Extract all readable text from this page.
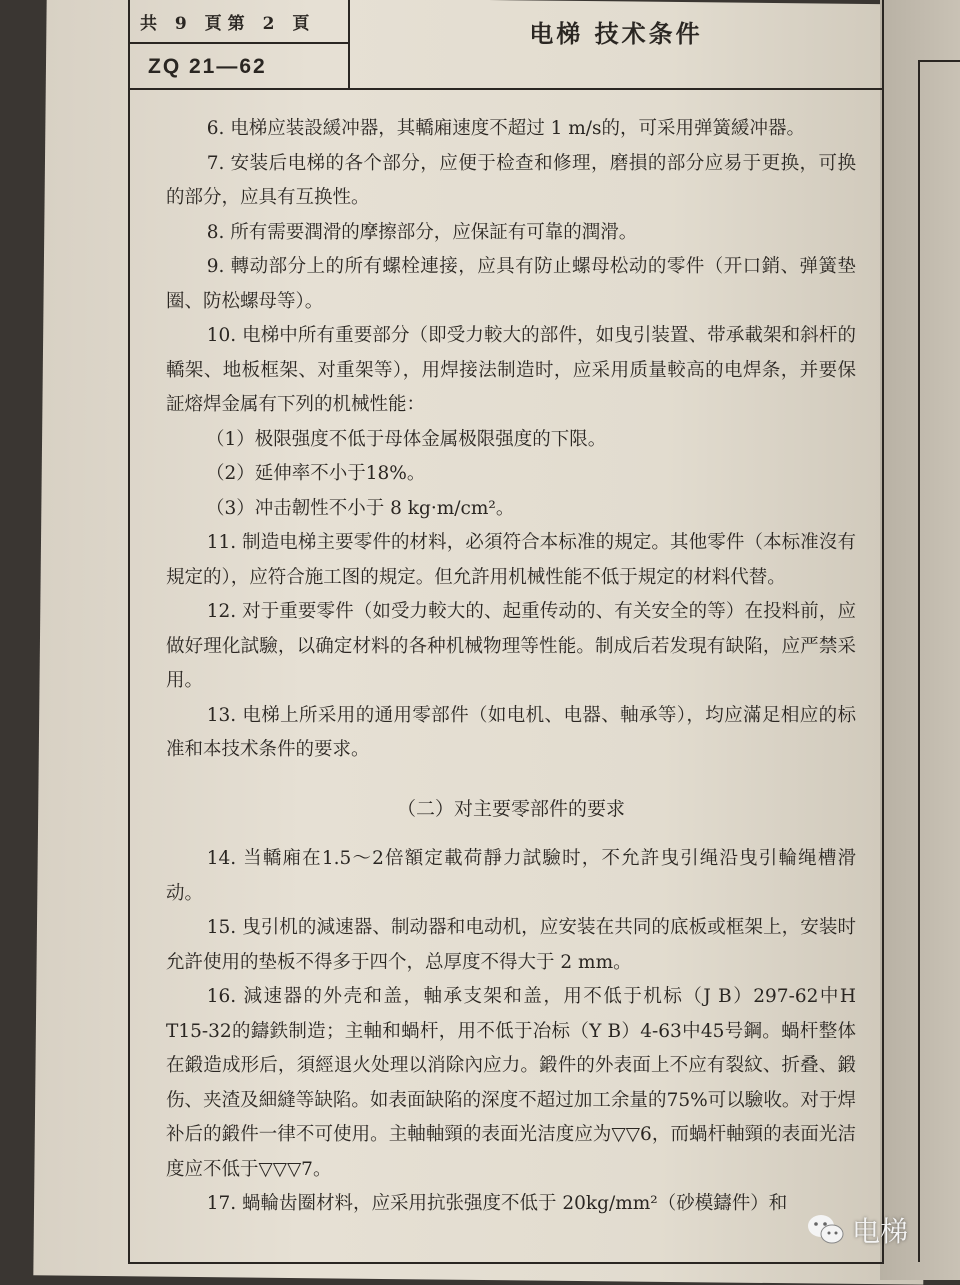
共 9 頁第 2 頁
ZQ 21—62
电梯 技术条件

6. 电梯应装設緩冲器，其轎廂速度不超过 1 m/s的，可采用弹簧緩冲器。

7. 安装后电梯的各个部分，应便于检查和修理，磨損的部分应易于更换，可换的部分，应具有互换性。

8. 所有需要潤滑的摩擦部分，应保証有可靠的潤滑。

9. 轉动部分上的所有螺栓連接，应具有防止螺母松动的零件（开口銷、弹簧垫圈、防松螺母等）。

10. 电梯中所有重要部分（即受力較大的部件，如曳引装置、带承載架和斜杆的轎架、地板框架、对重架等），用焊接法制造时，应采用质量較高的电焊条，并要保証熔焊金属有下列的机械性能：

（1）极限强度不低于母体金属极限强度的下限。

（2）延伸率不小于18%。

（3）冲击韌性不小于 8 kg·m/cm²。

11. 制造电梯主要零件的材料，必須符合本标准的規定。其他零件（本标准沒有規定的），应符合施工图的規定。但允許用机械性能不低于規定的材料代替。

12. 对于重要零件（如受力較大的、起重传动的、有关安全的等）在投料前，应做好理化試驗，以确定材料的各种机械物理等性能。制成后若发現有缺陷，应严禁采用。

13. 电梯上所采用的通用零部件（如电机、电器、軸承等），均应滿足相应的标准和本技术条件的要求。

（二）对主要零部件的要求

14. 当轎廂在1.5～2倍額定載荷靜力試驗时，不允許曳引绳沿曳引輪绳槽滑动。

15. 曳引机的減速器、制动器和电动机，应安装在共同的底板或框架上，安装时允許使用的垫板不得多于四个，总厚度不得大于 2 mm。

16. 減速器的外壳和盖，軸承支架和盖，用不低于机标（J B）297-62中H T15-32的鑄鉄制造；主軸和蝸杆，用不低于冶标（Y B）4-63中45号鋼。蝸杆整体在鍛造成形后，須經退火处理以消除內应力。鍛件的外表面上不应有裂紋、折叠、鍛伤、夹渣及細縫等缺陷。如表面缺陷的深度不超过加工余量的75%可以驗收。对于焊补后的鍛件一律不可使用。主軸軸頸的表面光洁度应为▽▽6，而蝸杆軸頸的表面光洁度应不低于▽▽▽7。

17. 蝸輪齿圈材料，应采用抗张强度不低于 20kg/mm²（砂模鑄件）和

电梯
